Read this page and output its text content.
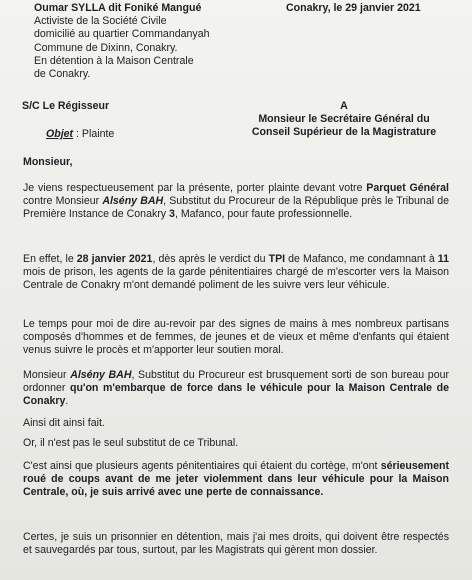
Oumar SYLLA dit Foniké Mangué
Activiste de la Société Civile
domicilié au quartier Commandanyah
Commune de Dixinn, Conakry.
En détention à la Maison Centrale
de Conakry.
Conakry, le 29 janvier 2021
S/C Le Régisseur	A
Monsieur le Secrétaire Général du
Conseil Supérieur de la Magistrature
Objet : Plainte
Monsieur,
Je viens respectueusement par la présente, porter plainte devant votre Parquet Général contre Monsieur Alsény BAH, Substitut du Procureur de la République près le Tribunal de Première Instance de Conakry 3, Mafanco, pour faute professionnelle.
En effet, le 28 janvier 2021, dès après le verdict du TPI de Mafanco, me condamnant à 11 mois de prison, les agents de la garde pénitentiaires chargé de m'escorter vers la Maison Centrale de Conakry m'ont demandé poliment de les suivre vers leur véhicule.
Le temps pour moi de dire au-revoir par des signes de mains à mes nombreux partisans composés d'hommes et de femmes, de jeunes et de vieux et même d'enfants qui étaient venus suivre le procès et m'apporter leur soutien moral.
Monsieur Alsény BAH, Substitut du Procureur est brusquement sorti de son bureau pour ordonner qu'on m'embarque de force dans le véhicule pour la Maison Centrale de Conakry.
Ainsi dit ainsi fait.
Or, il n'est pas le seul substitut de ce Tribunal.
C'est ainsi que plusieurs agents pénitentiaires qui étaient du cortège, m'ont sérieusement roué de coups avant de me jeter violemment dans leur véhicule pour la Maison Centrale, où, je suis arrivé avec une perte de connaissance.
Certes, je suis un prisonnier en détention, mais j'ai mes droits, qui doivent être respectés et sauvegardés par tous, surtout, par les Magistrats qui gèrent mon dossier.
